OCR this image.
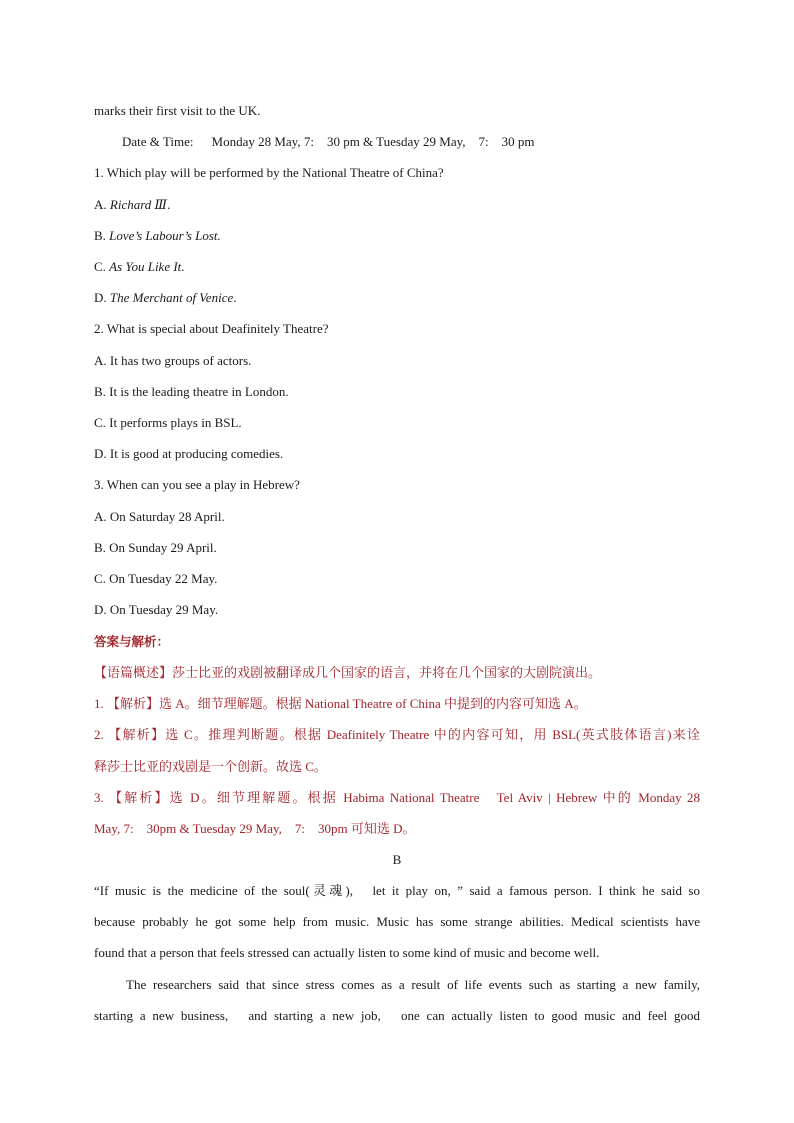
marks their first visit to the UK.
Date & Time: Monday 28 May, 7:　30 pm & Tuesday 29 May,　7:　30 pm
1. Which play will be performed by the National Theatre of China?
A. Richard Ⅲ.
B. Love’s Labour’s Lost.
C. As You Like It.
D. The Merchant of Venice.
2. What is special about Deafinitely Theatre?
A. It has two groups of actors.
B. It is the leading theatre in London.
C. It performs plays in BSL.
D. It is good at producing comedies.
3. When can you see a play in Hebrew?
A. On Saturday 28 April.
B. On Sunday 29 April.
C. On Tuesday 22 May.
D. On Tuesday 29 May.
答案与解析：
【语篇概述】莎士比亚的戏剧被翻译成几个国家的语言，并将在几个国家的大剧院演出。
1. 【解析】选 A。细节理解题。根据 National Theatre of China 中提到的内容可知选 A。
2. 【解析】选 C。推理判断题。根据 Deafinitely Theatre 中的内容可知，用 BSL(英式肢体语言)来诠
释莎士比亚的戏剧是一个创新。故选 C。
3. 【解析】选 D。细节理解题。根据 Habima National Theatre　Tel Aviv | Hebrew 中的 Monday 28
May, 7:　30pm & Tuesday 29 May,　7:　30pm 可知选 D。
B
“If music is the medicine of the soul(灵魂),　let it play on, ” said a famous person. I think he said so
because probably he got some help from music. Music has some strange abilities. Medical scientists have
found that a person that feels stressed can actually listen to some kind of music and become well.
The researchers said that since stress comes as a result of life events such as starting a new family,
starting a new business,　and starting a new job,　one can actually listen to good music and feel good
